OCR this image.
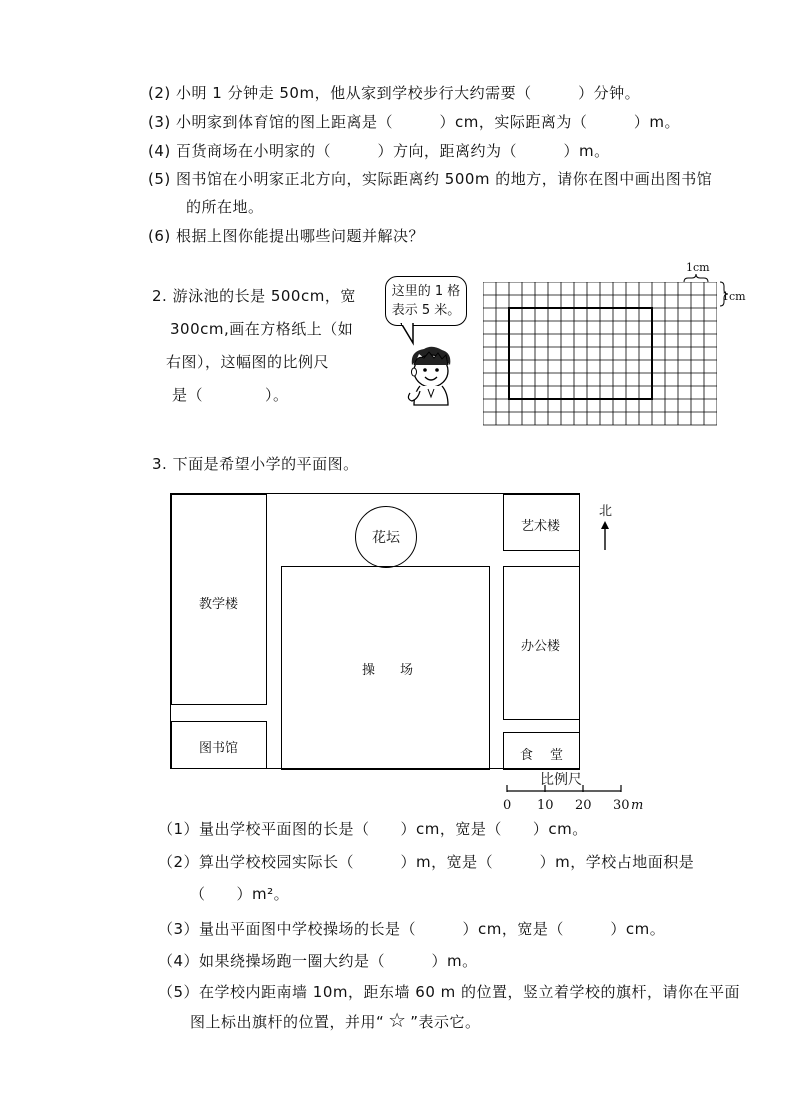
(2) 小明 1 分钟走 50m，他从家到学校步行大约需要（　　　）分钟。
(3) 小明家到体育馆的图上距离是（　　　）cm，实际距离为（　　　）m。
(4) 百货商场在小明家的（　　　）方向，距离约为（　　　）m。
(5) 图书馆在小明家正北方向，实际距离约 500m 的地方，请你在图中画出图书馆
的所在地。
(6) 根据上图你能提出哪些问题并解决？
2. 游泳池的长是 500cm，宽
300cm,画在方格纸上（如
右图），这幅图的比例尺
是（　　　　）。
这里的 1 格
表示 5 米。
1cm
1cm
3. 下面是希望小学的平面图。
教学楼
图书馆
花坛
操 场
艺术楼
办公楼
食 堂
北
比例尺
0 10 20 30 m
（1）量出学校平面图的长是（　　）cm，宽是（　　）cm。
（2）算出学校校园实际长（　　　）m，宽是（　　　）m，学校占地面积是
（　　）m²。
（3）量出平面图中学校操场的长是（　　　）cm，宽是（　　　）cm。
（4）如果绕操场跑一圈大约是（　　　）m。
（5）在学校内距南墙 10m，距东墙 60 m 的位置，竖立着学校的旗杆，请你在平面
图上标出旗杆的位置，并用“ ☆ ”表示它。
